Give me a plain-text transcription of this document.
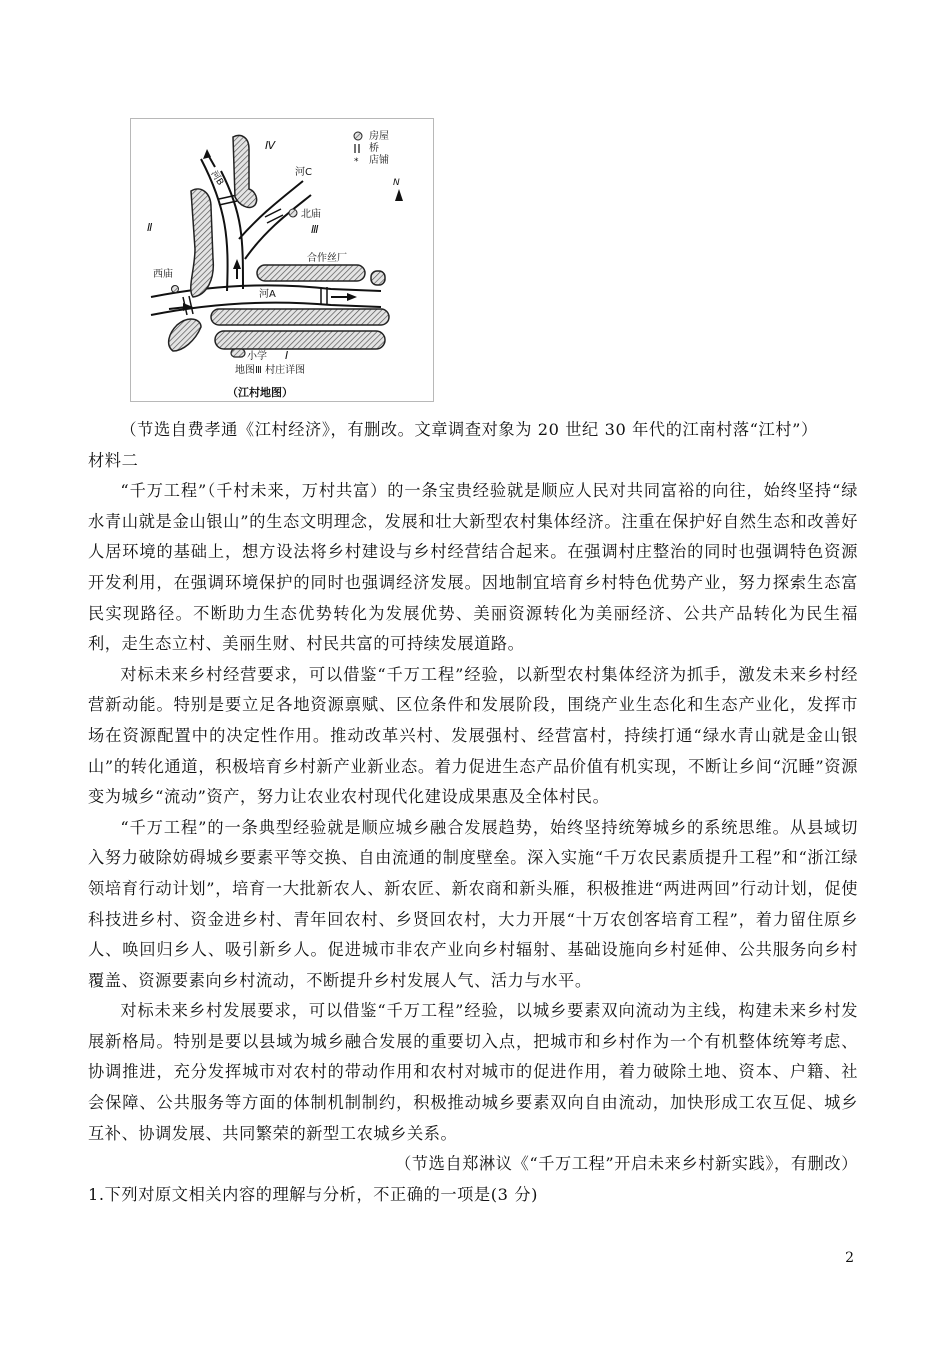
*
房屋
桥
店铺
N
Ⅳ
Ⅱ	Ⅲ
Ⅰ
河C
河B
北庙
西庙
合作丝厂
河A
小学
地图Ⅲ 村庄详图
（江村地图）

（节选自费孝通《江村经济》，有删改。文章调查对象为 20 世纪 30 年代的江南村落“江村”）

材料二

“千万工程”（千村未来，万村共富）的一条宝贵经验就是顺应人民对共同富裕的向往，始终坚持“绿水青山就是金山银山”的生态文明理念，发展和壮大新型农村集体经济。注重在保护好自然生态和改善好人居环境的基础上，想方设法将乡村建设与乡村经营结合起来。在强调村庄整治的同时也强调特色资源开发利用，在强调环境保护的同时也强调经济发展。因地制宜培育乡村特色优势产业，努力探索生态富民实现路径。不断助力生态优势转化为发展优势、美丽资源转化为美丽经济、公共产品转化为民生福利，走生态立村、美丽生财、村民共富的可持续发展道路。

对标未来乡村经营要求，可以借鉴“千万工程”经验，以新型农村集体经济为抓手，激发未来乡村经营新动能。特别是要立足各地资源禀赋、区位条件和发展阶段，围绕产业生态化和生态产业化，发挥市场在资源配置中的决定性作用。推动改革兴村、发展强村、经营富村，持续打通“绿水青山就是金山银山”的转化通道，积极培育乡村新产业新业态。着力促进生态产品价值有机实现，不断让乡间“沉睡”资源变为城乡“流动”资产，努力让农业农村现代化建设成果惠及全体村民。

“千万工程”的一条典型经验就是顺应城乡融合发展趋势，始终坚持统筹城乡的系统思维。从县域切入努力破除妨碍城乡要素平等交换、自由流通的制度壁垒。深入实施“千万农民素质提升工程”和“浙江绿领培育行动计划”，培育一大批新农人、新农匠、新农商和新头雁，积极推进“两进两回”行动计划，促使科技进乡村、资金进乡村、青年回农村、乡贤回农村，大力开展“十万农创客培育工程”，着力留住原乡人、唤回归乡人、吸引新乡人。促进城市非农产业向乡村辐射、基础设施向乡村延伸、公共服务向乡村覆盖、资源要素向乡村流动，不断提升乡村发展人气、活力与水平。

对标未来乡村发展要求，可以借鉴“千万工程”经验，以城乡要素双向流动为主线，构建未来乡村发展新格局。特别是要以县域为城乡融合发展的重要切入点，把城市和乡村作为一个有机整体统筹考虑、协调推进，充分发挥城市对农村的带动作用和农村对城市的促进作用，着力破除土地、资本、户籍、社会保障、公共服务等方面的体制机制制约，积极推动城乡要素双向自由流动，加快形成工农互促、城乡互补、协调发展、共同繁荣的新型工农城乡关系。

（节选自郑淋议《“千万工程”开启未来乡村新实践》，有删改）

1.下列对原文相关内容的理解与分析，不正确的一项是(3 分)

2
